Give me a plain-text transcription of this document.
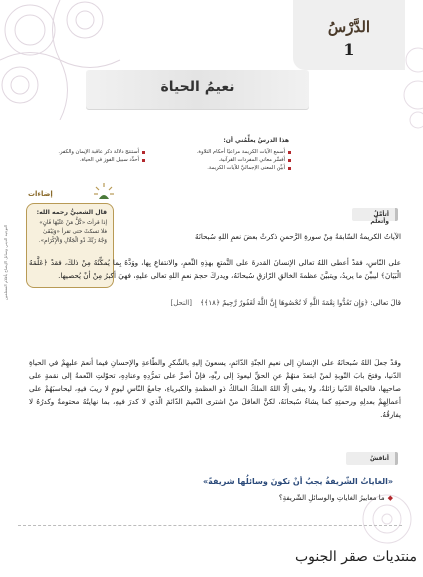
الدَّرْسُ
1
نعيمُ الحياة
التوجيه الديني وسائل الإيضاح بأقلام المتعلمين
هذا الدرسُ يعلِّمُني أن:
أسمع الآيات الكريمة مراعيًا أحكام التلاوة.
أفسِّر معاني المفردات القرآنية.
أبيِّن المعنى الإجماليَّ للآيات الكريمة.
أستنتج دلالة ذكر عاقبة الإيمان والكفر.
أحدِّد سبيل الفوز في الحياة.
إضاءات
قال الشعبيُّ رحمه الله:
إذا قرأتَ «كُلُّ مَنْ عَلَيْهَا فَانٍ» فلا تسكتْ حتى تقرأ «وَيَبْقَىٰ وَجْهُ رَبِّكَ ذُو الْجَلَالِ وَالْإِكْرَامِ».
أتأمَّلُ وأتعلَّم
الآياتُ الكريمةُ السّابقةُ مِنْ سورةِ الرَّحمنِ ذكرتْ بعضَ نعمِ اللهِ سُبحانَهُ
على النّاسِ، فقدْ أعطى اللهُ تعالى الإنسانَ القدرةَ على التَّمتعِ بهذِهِ النِّعمِ، والانتفاعِ بِها، ووَدَّهُ بِما يُمكِّنُهُ مِنْ ذلكَ، فقدْ ﴿عَلَّمَهُ الْبَيَانَ﴾ ليبيِّنَ ما يريدُ، ويتبيَّنَ عظمةَ الخالقِ الرّازقِ سُبحانَهُ، ويدركَ حجمَ نعمِ اللهِ تعالى عليهِ، فهيَ أكبرُ مِنْ أنْ يُحصيها.
قالَ تعالى: ﴿وَإِن تَعُدُّوا نِعْمَةَ اللَّهِ لَا تُحْصُوهَا إِنَّ اللَّهَ لَغَفُورٌ رَّحِيمٌ ﴿١٨﴾﴾ [النحل]
وقدْ جعلَ اللهُ سُبحانَهُ على الإنسانِ إلى نعيمِ الجنّةِ الدّائمِ، يسعونَ إليهِ بالشّكرِ والطّاعةِ والإحسانِ فيما أنعمَ عليهِمْ في الحياةِ الدّنيا، وفتحَ بابَ التّوبةِ لمنْ ابتعدَ منهُمْ عنِ الحقِّ ليعودَ إلى ربِّهِ، فإنْ أصرَّ على تمرُّدِهِ وعنادِهِ، تحوّلتِ النّعمةُ إلى نقمةٍ على صاحبِها، فالحياةُ الدّنيا زائلةٌ، ولا يبقى إلّا اللهُ الملكُ المالكُ ذو العظمةِ والكبرياءِ، جامعُ النّاسِ ليومٍ لا ريبَ فيهِ، ليحاسبَهُمْ على أعمالِهِمْ بعدلِهِ ورحمتِهِ كما يشاءُ سُبحانَهُ، لكنَّ العاقلَ منْ اشترى النّعيمَ الدّائمَ الّذي لا كدرَ فيهِ، بما نهايتُهُ محتومةٌ وكدرُهُ لا يفارقُهُ.
أناقشُ
«الغاياتُ الشّريفةُ يجبُ أنْ تكونَ وسائلُها شريفةً»
◆ما معاييرُ الغاياتِ والوسائلِ الشّريفةِ؟
منتديات صقر الجنوب
